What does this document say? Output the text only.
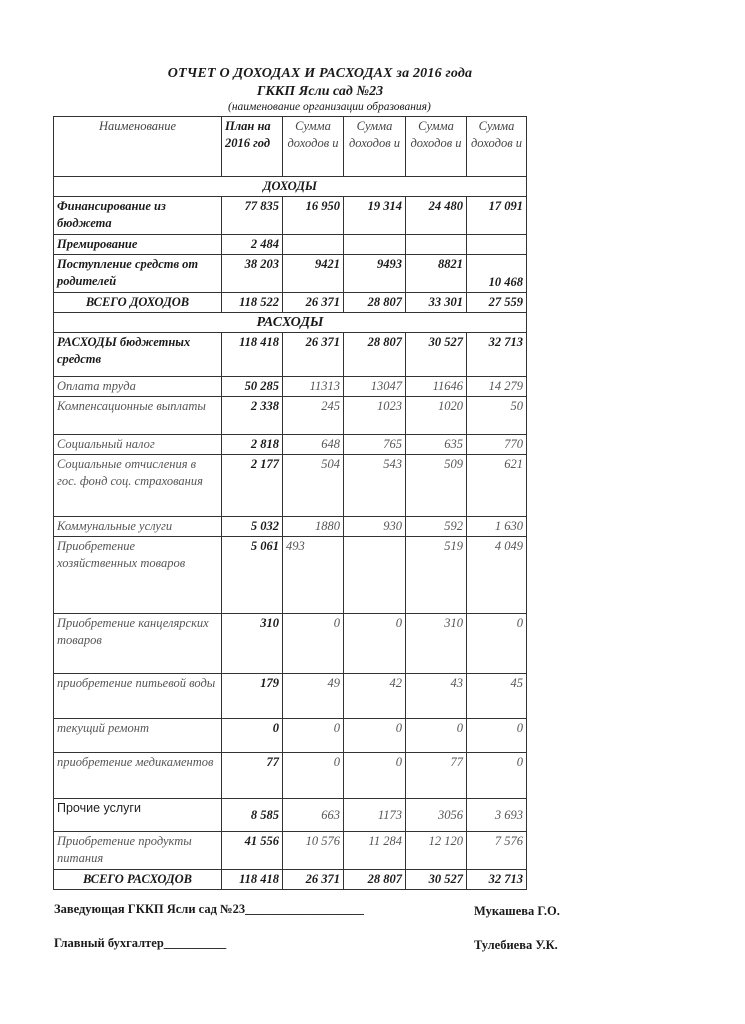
ОТЧЕТ О ДОХОДАХ И РАСХОДАХ за 2016 года
ГККП Ясли сад №23
(наименование организации образования)
Наименование	План на 2016 год	Сумма доходов и	Сумма доходов и	Сумма доходов и	Сумма доходов и
ДОХОДЫ					
Финансирование из бюджета	77 835	16 950	19 314	24 480	17 091
Премирование	2 484				
Поступление средств от родителей	38 203	9421	9493	8821	10 468
ВСЕГО ДОХОДОВ	118 522	26 371	28 807	33 301	27 559
РАСХОДЫ					
РАСХОДЫ бюджетных средств	118 418	26 371	28 807	30 527	32 713
Оплата труда	50 285	11313	13047	11646	14 279
Компенсационные выплаты	2 338	245	1023	1020	50
Социальный налог	2 818	648	765	635	770
Социальные отчисления в гос. фонд соц. страхования	2 177	504	543	509	621
Коммунальные услуги	5 032	1880	930	592	1 630
Приобретение хозяйственных товаров	5 061	493		519	4 049
Приобретение канцелярских товаров	310	0	0	310	0
приобретение питьевой воды	179	49	42	43	45
текущий ремонт	0	0	0	0	0
приобретение медикаментов	77	0	0	77	0
Прочие услуги	8 585	663	1173	3056	3 693
Приобретение продукты питания	41 556	10 576	11 284	12 120	7 576
ВСЕГО РАСХОДОВ	118 418	26 371	28 807	30 527	32 713
Заведующая ГККП Ясли сад №23___________________	Мукашева Г.О.
Главный бухгалтер__________	Тулебиева У.К.
